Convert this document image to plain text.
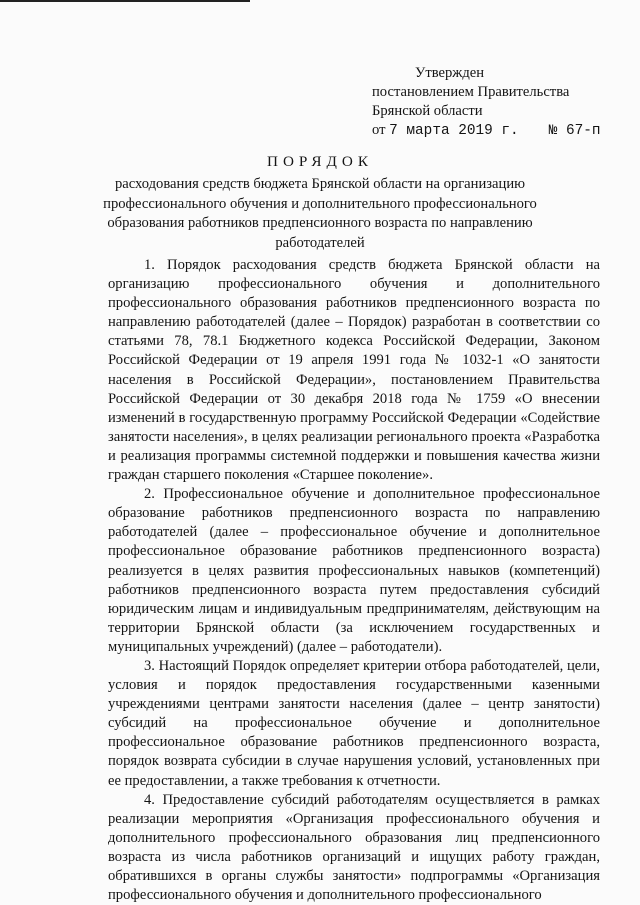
Утвержден
постановлением Правительства
Брянской области
от 7 марта 2019 г. № 67-п
ПОРЯДОК
расходования средств бюджета Брянской области на организацию профессионального обучения и дополнительного профессионального образования работников предпенсионного возраста по направлению работодателей

1. Порядок расходования средств бюджета Брянской области на организацию профессионального обучения и дополнительного профессионального образования работников предпенсионного возраста по направлению работодателей (далее – Порядок) разработан в соответствии со статьями 78, 78.1 Бюджетного кодекса Российской Федерации, Законом Российской Федерации от 19 апреля 1991 года № 1032-1 «О занятости населения в Российской Федерации», постановлением Правительства Российской Федерации от 30 декабря 2018 года № 1759 «О внесении изменений в государственную программу Российской Федерации «Содействие занятости населения», в целях реализации регионального проекта «Разработка и реализация программы системной поддержки и повышения качества жизни граждан старшего поколения «Старшее поколение».

2. Профессиональное обучение и дополнительное профессиональное образование работников предпенсионного возраста по направлению работодателей (далее – профессиональное обучение и дополнительное профессиональное образование работников предпенсионного возраста) реализуется в целях развития профессиональных навыков (компетенций) работников предпенсионного возраста путем предоставления субсидий юридическим лицам и индивидуальным предпринимателям, действующим на территории Брянской области (за исключением государственных и муниципальных учреждений) (далее – работодатели).

3. Настоящий Порядок определяет критерии отбора работодателей, цели, условия и порядок предоставления государственными казенными учреждениями центрами занятости населения (далее – центр занятости) субсидий на профессиональное обучение и дополнительное профессиональное образование работников предпенсионного возраста, порядок возврата субсидии в случае нарушения условий, установленных при ее предоставлении, а также требования к отчетности.

4. Предоставление субсидий работодателям осуществляется в рамках реализации мероприятия «Организация профессионального обучения и дополнительного профессионального образования лиц предпенсионного возраста из числа работников организаций и ищущих работу граждан, обратившихся в органы службы занятости» подпрограммы «Организация профессионального обучения и дополнительного профессионального
